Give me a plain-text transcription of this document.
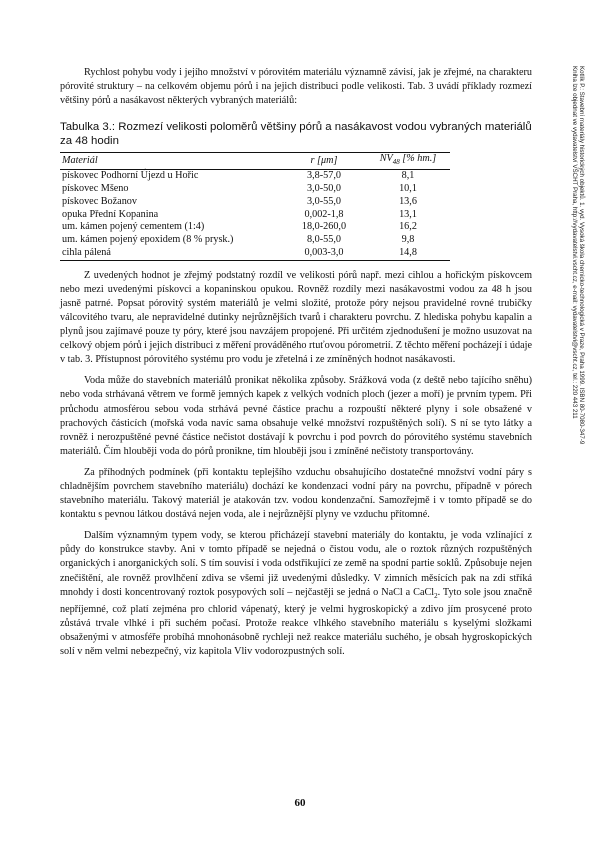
Rychlost pohybu vody i jejího množství v pórovitém materiálu významně závisí, jak je zřejmé, na charakteru pórovité struktury – na celkovém objemu pórů i na jejich distribuci podle velikosti. Tab. 3 uvádí příklady rozmezí většiny pórů a nasákavost některých vybraných materiálů:

Tabulka 3.: Rozmezí velikosti poloměrů většiny pórů a nasákavost vodou vybraných materiálů za 48 hodin
Materiál	r [μm]	$NV_{48}$ [% hm.]
pískovec Podhorní Újezd u Hořic	3,8-57,0	8,1
pískovec Mšeno	3,0-50,0	10,1
pískovec Božanov	3,0-55,0	13,6
opuka Přední Kopanina	0,002-1,8	13,1
um. kámen pojený cementem (1:4)	18,0-260,0	16,2
um. kámen pojený epoxidem (8 % prysk.)	8,0-55,0	9,8
cihla pálená	0,003-3,0	14,8

Z uvedených hodnot je zřejmý podstatný rozdíl ve velikosti pórů např. mezi cihlou a hořickým pískovcem nebo mezi uvedenými pískovci a kopaninskou opukou. Rovněž rozdíly mezi nasákavostmi vodou za 48 h jsou jasně patrné. Popsat pórovitý systém materiálů je velmi složité, protože póry nejsou pravidelné rovné trubičky válcovitého tvaru, ale nepravidelné dutinky nejrůznějších tvarů i charakteru povrchu. Z hlediska pohybu kapalin a plynů jsou zajímavé pouze ty póry, které jsou navzájem propojené. Při určitém zjednodušení je možno usuzovat na celkový objem pórů i jejich distribuci z měření prováděného rtuťovou pórometrií. Z těchto měření pocházejí i údaje v tab. 3. Přístupnost pórovitého systému pro vodu je zřetelná i ze zmíněných hodnot nasákavosti.

Voda může do stavebních materiálů pronikat několika způsoby. Srážková voda (z deště nebo tajícího sněhu) nebo voda strhávaná větrem ve formě jemných kapek z velkých vodních ploch (jezer a moří) je prvním typem. Při průchodu atmosférou sebou voda strhává pevné částice prachu a rozpouští některé plyny i sole obsažené v prachových částicích (mořská voda navíc sama obsahuje velké množství rozpuštěných solí). S ní se tyto látky a rovněž i nerozpuštěné pevné částice nečistot dostávají k povrchu i pod povrch do pórovitého systému stavebních materiálů. Čím hlouběji voda do pórů pronikne, tím hlouběji jsou i zmíněné nečistoty transportovány.

Za příhodných podmínek (při kontaktu teplejšího vzduchu obsahujícího dostatečné množství vodní páry s chladnějším povrchem stavebního materiálu) dochází ke kondenzaci vodní páry na povrchu, případně v pórech stavebního materiálu. Takový materiál je atakován tzv. vodou kondenzační. Samozřejmě i v tomto případě se do kontaktu s pevnou látkou dostává nejen voda, ale i nejrůznější plyny ve vzduchu přítomné.

Dalším významným typem vody, se kterou přicházejí stavební materiály do kontaktu, je voda vzlínající z půdy do konstrukce stavby. Ani v tomto případě se nejedná o čistou vodu, ale o roztok různých rozpuštěných organických i anorganických solí. S tím souvisí i voda odstřikující ze země na spodní partie soklů. Způsobuje nejen znečištění, ale rovněž provlhčení zdiva se všemi již uvedenými důsledky. V zimních měsících pak na zdi stříká mnohdy i dosti koncentrovaný roztok posypových solí – nejčastěji se jedná o NaCl a CaCl$_2$. Tyto sole jsou značně nepříjemné, což platí zejména pro chlorid vápenatý, který je velmi hygroskopický a zdivo jím prosycené proto zůstává trvale vlhké i při suchém počasí. Protože reakce vlhkého stavebního materiálu s kyselými složkami obsaženými v atmosféře probíhá mnohonásobně rychleji než reakce materiálu suchého, je obsah hygroskopických solí v něm velmi nebezpečný, viz kapitola Vliv vodorozpustných solí.

60
Kotlík P.: Stavební materiály historických objektů. 1. vyd. Vysoká škola chemicko-technologická v Praze, Praha 1999. ISBN 80-7080-347-9
Kniha lze objednat ve vydavatelství VŠCHT Praha, http://vydavatelstvi.vscht.cz, e-mail: vydavatelstvi@vscht.cz, tel.: 220 443 211
